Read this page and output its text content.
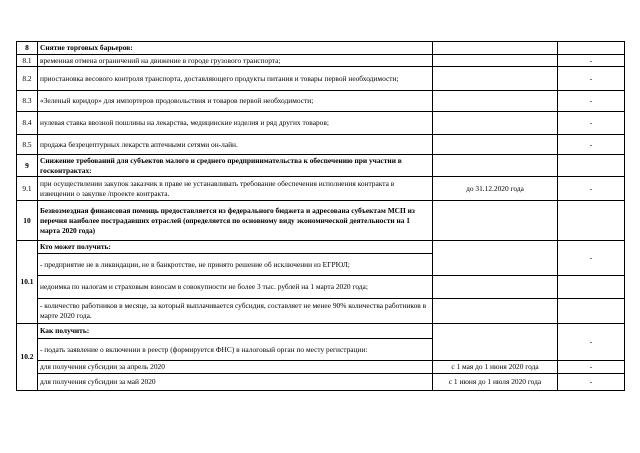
8	Снятие торговых барьеров:		
8.1	временная отмена ограничений на движение в городе грузового транспорта;		-
8.2	приостановка весового контроля транспорта, доставляющего продукты питания и товары первой необходимости;		-
8.3	«Зеленый коридор» для импортеров продовольствия и товаров первой необходимости;		-
8.4	нулевая ставка ввозной пошлины на лекарства, медицинские изделия и ряд других товаров;		-
8.5	продажа безрецептурных лекарств аптечными сетями он-лайн.		-
9	Снижение требований для субъектов малого и среднего предпринимательства к обеспечению при участии в госконтрактах:		
9.1	при осуществлении закупок заказчик в праве не устанавливать требование обеспечения исполнения контракта в извещении о закупке /проекте контракта.	до 31.12.2020 года	-
10	Безвозмездная финансовая помощь предоставляется из федерального бюджета и адресована субъектам МСП из перечня наиболее пострадавших отраслей (определяется по основному виду экономической деятельности на 1 марта 2020 года)		
10.1	Кто может получить:		-
	- предприятие не в ликвидации, не в банкротстве, не принято решение об исключении из ЕГРЮЛ;		
	недоимка по налогам и страховым взносам в совокупности не более 3 тыс. рублей на 1 марта 2020 года;		
	- количество работников в месяце, за который выплачивается субсидия, составляет не менее 90% количества работников в марте 2020 года.		
10.2	Как получить:		-
	- подать заявление о включении в реестр (формируется ФНС) в налоговый орган по месту регистрации:		
	для получения субсидии за апрель 2020	с 1 мая до 1 июня 2020 года	-
	для получения субсидии за май 2020	с 1 июня до 1 июля 2020 года	-
